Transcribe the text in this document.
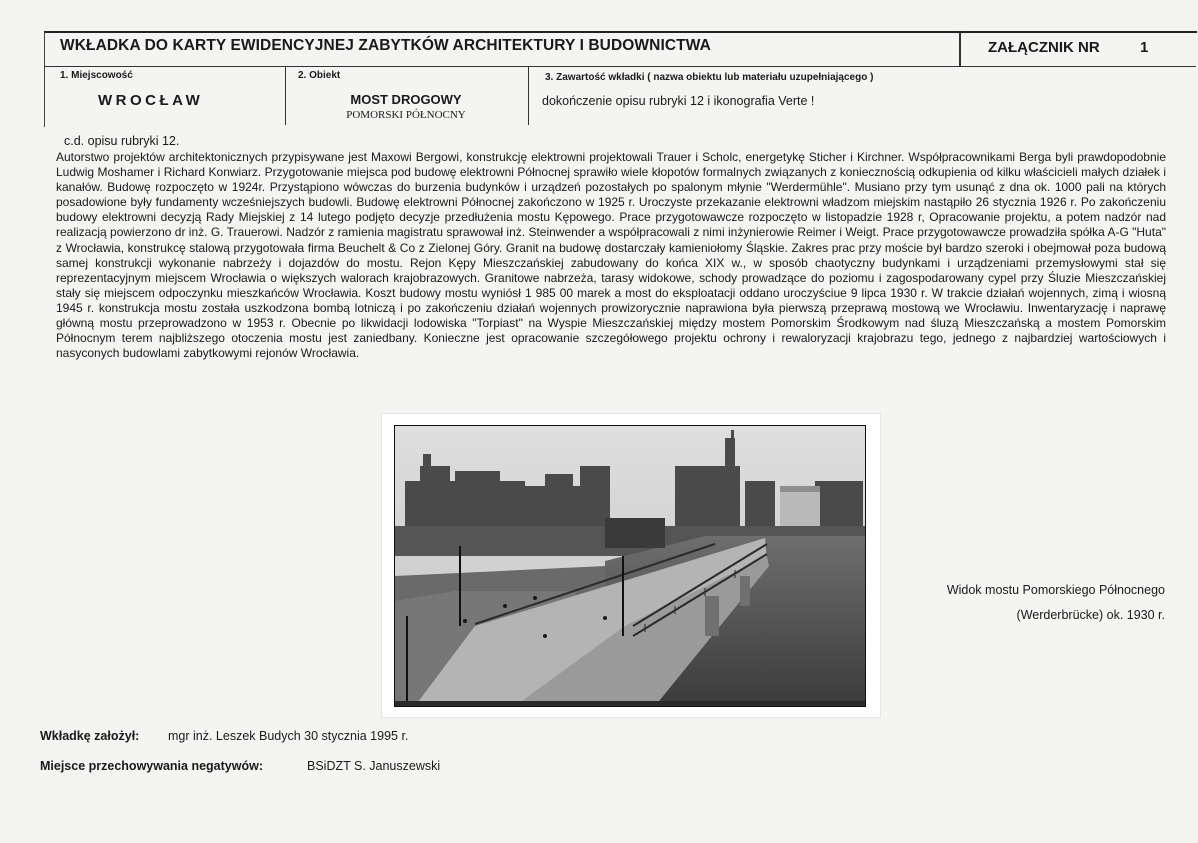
WKŁADKA DO KARTY EWIDENCYJNEJ ZABYTKÓW ARCHITEKTURY I BUDOWNICTWA	ZAŁĄCZNIK NR	1
1. Miejscowość
WROCŁAW
2. Obiekt
MOST DROGOWY
POMORSKI PÓŁNOCNY
3. Zawartość wkładki ( nazwa obiektu lub materiału uzupełniającego )
dokończenie opisu rubryki 12 i ikonografia Verte !
c.d. opisu rubryki 12.

Autorstwo projektów architektonicznych przypisywane jest Maxowi Bergowi, konstrukcję elektrowni projektowali Trauer i Scholc, energetykę Sticher i Kirchner. Współpracownikami Berga byli prawdopodobnie Ludwig Moshamer i Richard Konwiarz. Przygotowanie miejsca pod budowę elektrowni Północnej sprawiło wiele kłopotów formalnych związanych z koniecznością odkupienia od kilku właścicieli małych działek i kanałów. Budowę rozpoczęto w 1924r. Przystąpiono wówczas do burzenia budynków i urządzeń pozostałych po spalonym młynie "Werdermühle". Musiano przy tym usunąć z dna ok. 1000 pali na których posadowione były fundamenty wcześniejszych budowli. Budowę elektrowni Północnej zakończono w 1925 r. Uroczyste przekazanie elektrowni władzom miejskim nastąpiło 26 stycznia 1926 r. Po zakończeniu budowy elektrowni decyzją Rady Miejskiej z 14 lutego podjęto decyzje przedłużenia mostu Kępowego. Prace przygotowawcze rozpoczęto w listopadzie 1928 r, Opracowanie projektu, a potem nadzór nad realizacją powierzono dr inż. G. Trauerowi. Nadzór z ramienia magistratu sprawował inż. Steinwender a współpracowali z nimi inżynierowie Reimer i Weigt. Prace przygotowawcze prowadziła spółka A-G "Huta" z Wrocławia, konstrukcę stalową przygotowała firma Beuchelt & Co z Zielonej Góry. Granit na budowę dostarczały kamieniołomy Śląskie. Zakres prac przy moście był bardzo szeroki i obejmował poza budową samej konstrukcji wykonanie nabrzeży i dojazdów do mostu. Rejon Kępy Mieszczańskiej zabudowany do końca XIX w., w sposób chaotyczny budynkami i urządzeniami przemysłowymi stał się reprezentacyjnym miejscem Wrocławia o większych walorach krajobrazowych. Granitowe nabrzeża, tarasy widokowe, schody prowadzące do poziomu i zagospodarowany cypel przy Śluzie Mieszczańskiej stały się miejscem odpoczynku mieszkańców Wrocławia. Koszt budowy mostu wyniósł 1 985 00 marek a most do eksploatacji oddano uroczyściue 9 lipca 1930 r. W trakcie działań wojennych, zimą i wiosną 1945 r. konstrukcja mostu została uszkodzona bombą lotniczą i po zakończeniu działań wojennych prowizorycznie naprawiona była pierwszą przeprawą mostową we Wrocławiu. Inwentaryzację i naprawę główną mostu przeprowadzono w 1953 r. Obecnie po likwidacji lodowiska "Torpiast" na Wyspie Mieszczańskiej między mostem Pomorskim Środkowym nad śluzą Mieszczańską a mostem Pomorskim Północnym terem najbliższego otoczenia mostu jest zaniedbany. Konieczne jest opracowanie szczegółowego projektu ochrony i rewaloryzacji krajobrazu tego, jednego z najbardziej wartościowych i nasyconych budowlami zabytkowymi rejonów Wrocławia.

Widok mostu Pomorskiego Północnego
(Werderbrücke) ok. 1930 r.
Wkładkę założył: mgr inż. Leszek Budych 30 stycznia 1995 r.
Miejsce przechowywania negatywów:	BSiDZT S. Januszewski
